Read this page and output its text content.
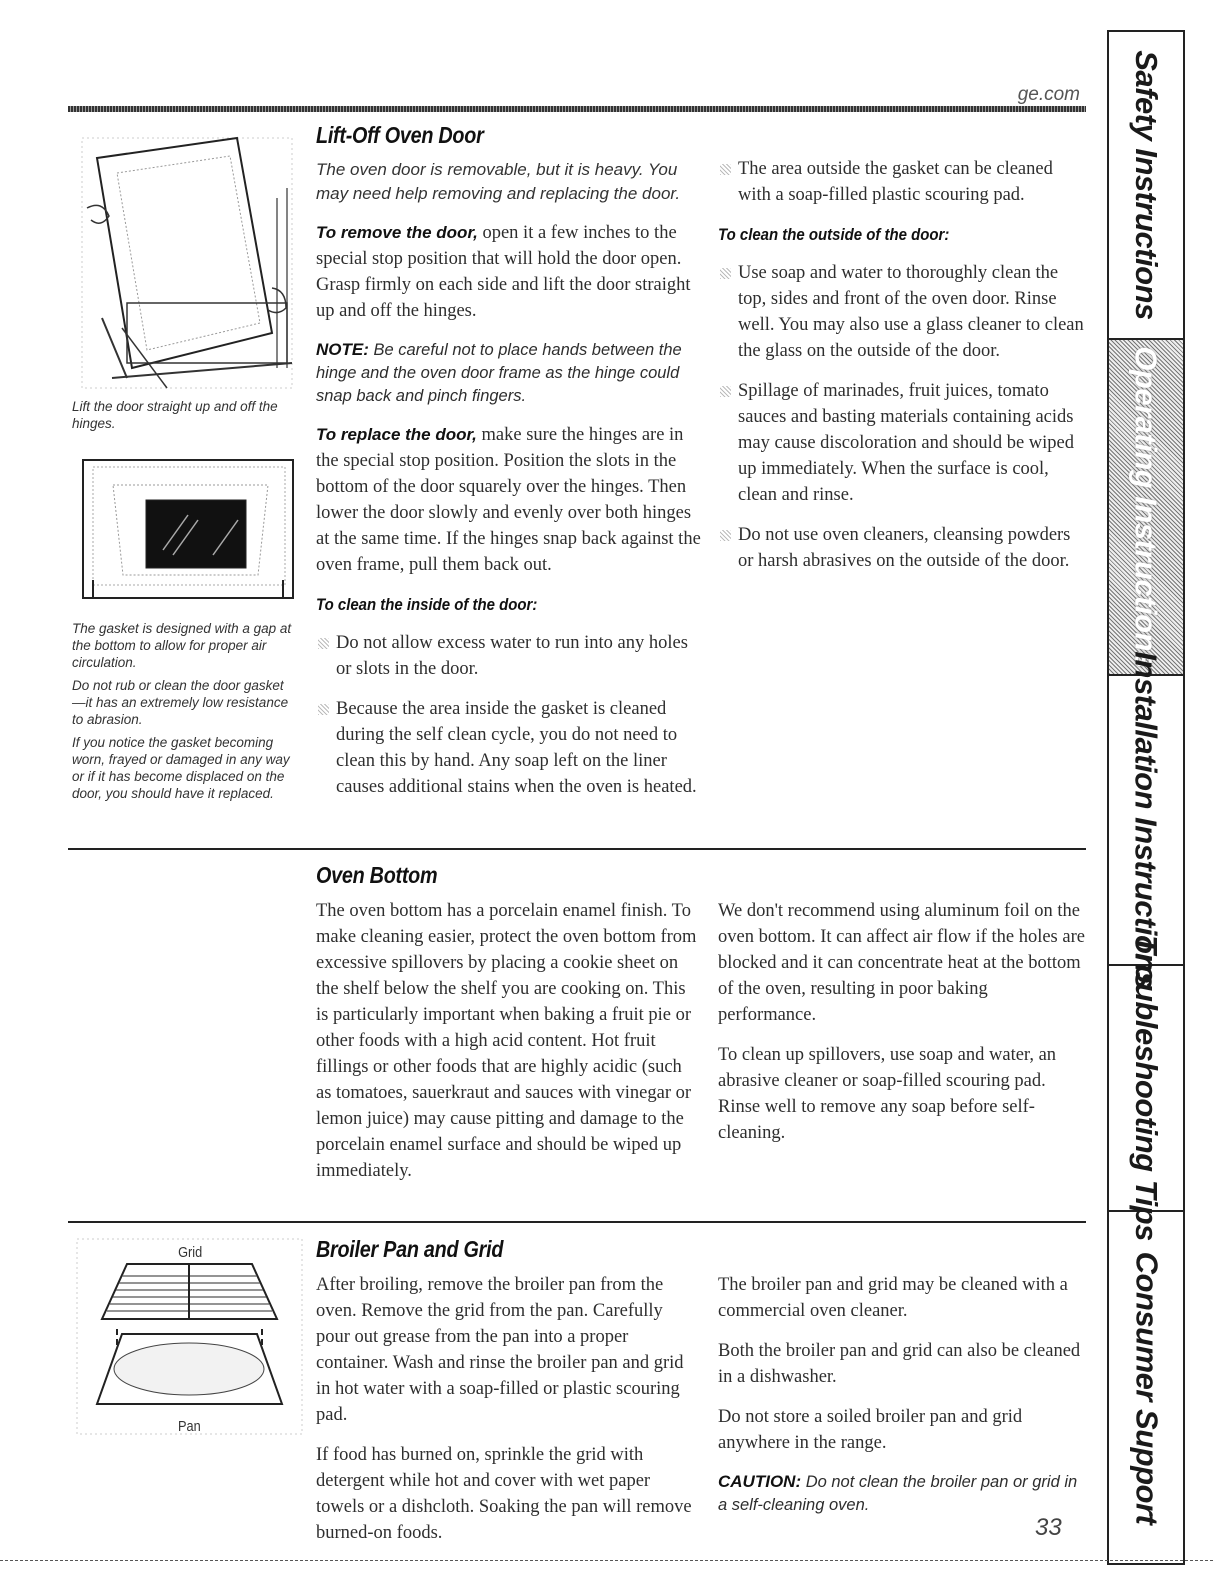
ge.com

Lift the door straight up and off the hinges.

The gasket is designed with a gap at the bottom to allow for proper air circulation.

Do not rub or clean the door gasket—it has an extremely low resistance to abrasion.

If you notice the gasket becoming worn, frayed or damaged in any way or if it has become displaced on the door, you should have it replaced.

Lift-Off Oven Door

The oven door is removable, but it is heavy. You may need help removing and replacing the door.

To remove the door, open it a few inches to the special stop position that will hold the door open. Grasp firmly on each side and lift the door straight up and off the hinges.

NOTE: Be careful not to place hands between the hinge and the oven door frame as the hinge could snap back and pinch fingers.

To replace the door, make sure the hinges are in the special stop position. Position the slots in the bottom of the door squarely over the hinges. Then lower the door slowly and evenly over both hinges at the same time. If the hinges snap back against the oven frame, pull them back out.

To clean the inside of the door:
Do not allow excess water to run into any holes or slots in the door.
Because the area inside the gasket is cleaned during the self clean cycle, you do not need to clean this by hand. Any soap left on the liner causes additional stains when the oven is heated.
The area outside the gasket can be cleaned with a soap-filled plastic scouring pad.
To clean the outside of the door:
Use soap and water to thoroughly clean the top, sides and front of the oven door. Rinse well. You may also use a glass cleaner to clean the glass on the outside of the door.
Spillage of marinades, fruit juices, tomato sauces and basting materials containing acids may cause discoloration and should be wiped up immediately. When the surface is cool, clean and rinse.
Do not use oven cleaners, cleansing powders or harsh abrasives on the outside of the door.
Oven Bottom

The oven bottom has a porcelain enamel finish. To make cleaning easier, protect the oven bottom from excessive spillovers by placing a cookie sheet on the shelf below the shelf you are cooking on. This is particularly important when baking a fruit pie or other foods with a high acid content. Hot fruit fillings or other foods that are highly acidic (such as tomatoes, sauerkraut and sauces with vinegar or lemon juice) may cause pitting and damage to the porcelain enamel surface and should be wiped up immediately.

We don't recommend using aluminum foil on the oven bottom. It can affect air flow if the holes are blocked and it can concentrate heat at the bottom of the oven, resulting in poor baking performance.

To clean up spillovers, use soap and water, an abrasive cleaner or soap-filled scouring pad. Rinse well to remove any soap before self-cleaning.

Grid
Pan
Broiler Pan and Grid

After broiling, remove the broiler pan from the oven. Remove the grid from the pan. Carefully pour out grease from the pan into a proper container. Wash and rinse the broiler pan and grid in hot water with a soap-filled or plastic scouring pad.

If food has burned on, sprinkle the grid with detergent while hot and cover with wet paper towels or a dishcloth. Soaking the pan will remove burned-on foods.

The broiler pan and grid may be cleaned with a commercial oven cleaner.

Both the broiler pan and grid can also be cleaned in a dishwasher.

Do not store a soiled broiler pan and grid anywhere in the range.

CAUTION: Do not clean the broiler pan or grid in a self-cleaning oven.

33
Safety Instructions
Operating Instructions
Installation Instructions
Troubleshooting Tips
Consumer Support
